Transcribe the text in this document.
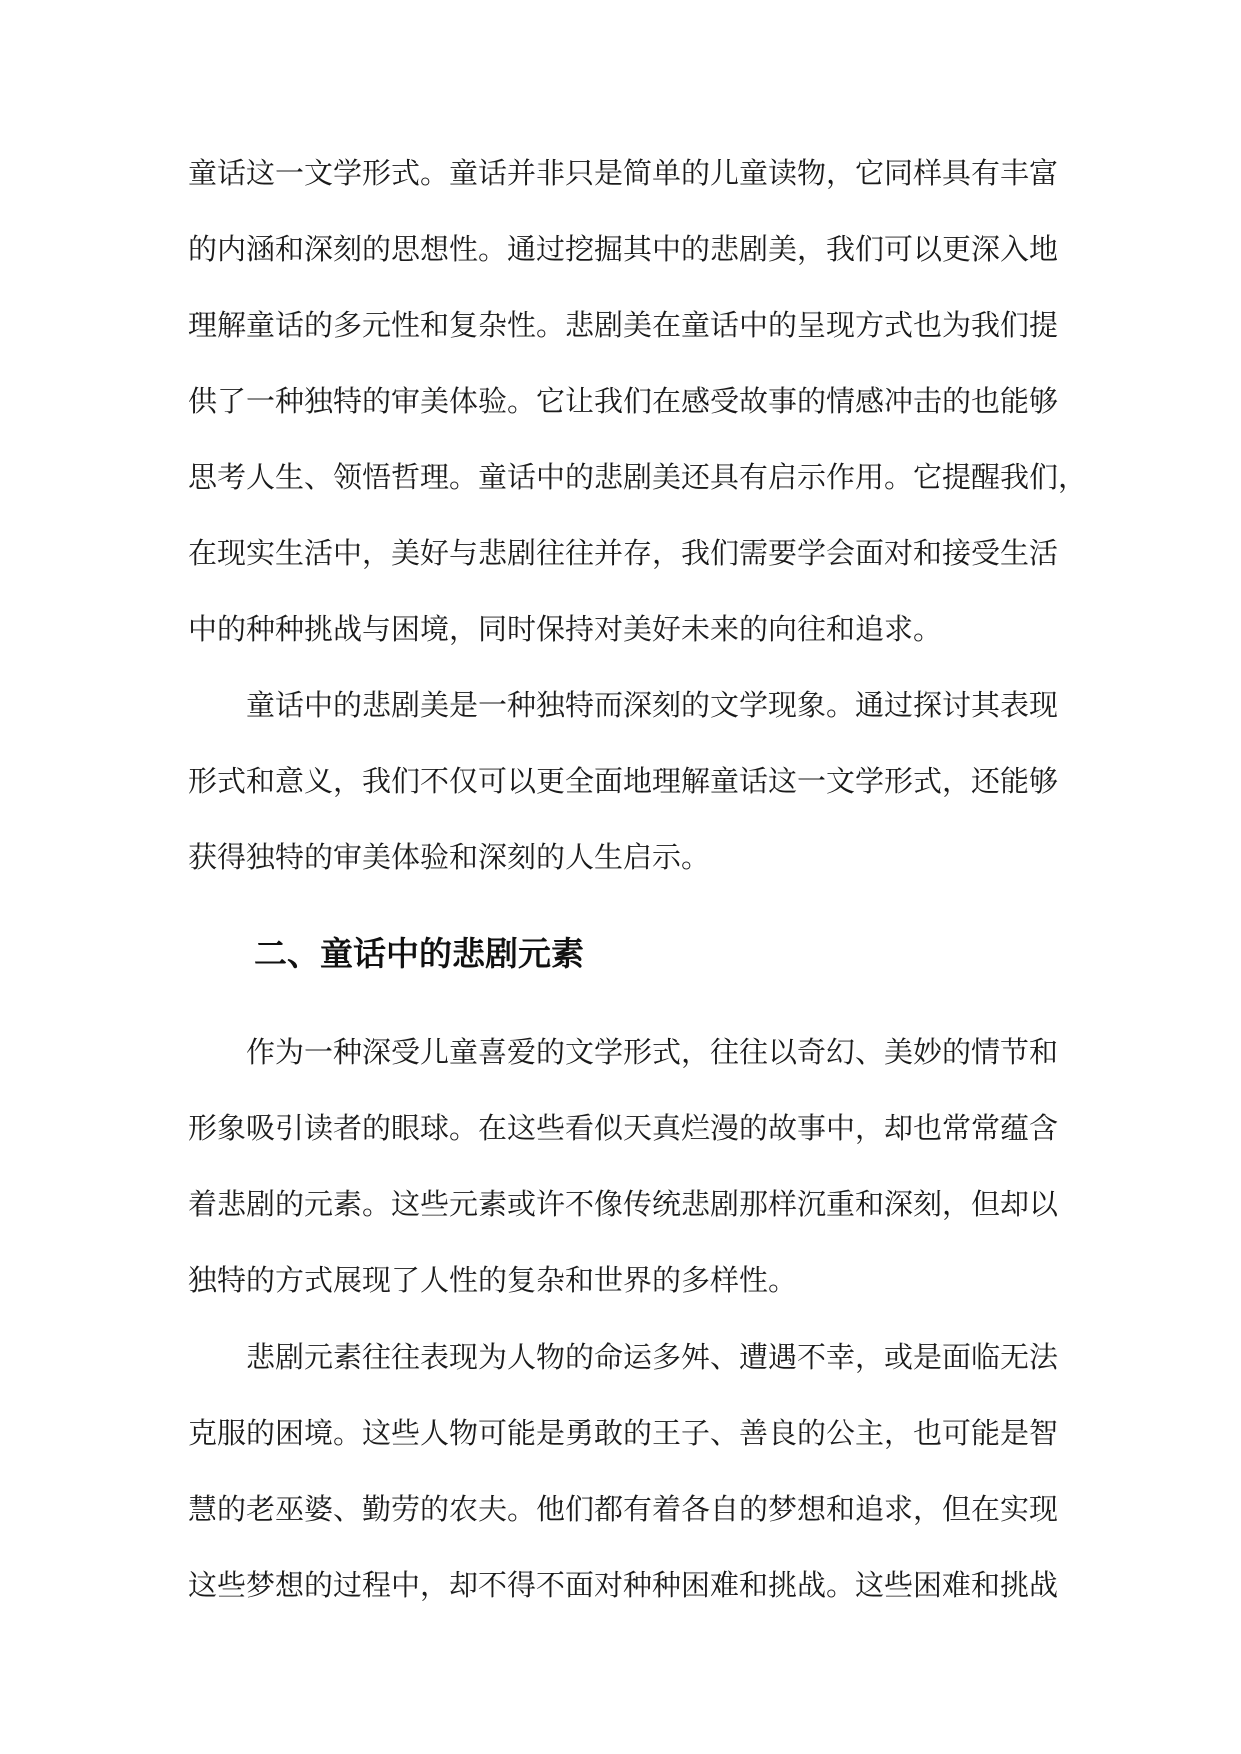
童话这一文学形式。童话并非只是简单的儿童读物，它同样具有丰富
的内涵和深刻的思想性。通过挖掘其中的悲剧美，我们可以更深入地
理解童话的多元性和复杂性。悲剧美在童话中的呈现方式也为我们提
供了一种独特的审美体验。它让我们在感受故事的情感冲击的也能够
思考人生、领悟哲理。童话中的悲剧美还具有启示作用。它提醒我们，
在现实生活中，美好与悲剧往往并存，我们需要学会面对和接受生活
中的种种挑战与困境，同时保持对美好未来的向往和追求。
童话中的悲剧美是一种独特而深刻的文学现象。通过探讨其表现
形式和意义，我们不仅可以更全面地理解童话这一文学形式，还能够
获得独特的审美体验和深刻的人生启示。
二、童话中的悲剧元素
作为一种深受儿童喜爱的文学形式，往往以奇幻、美妙的情节和
形象吸引读者的眼球。在这些看似天真烂漫的故事中，却也常常蕴含
着悲剧的元素。这些元素或许不像传统悲剧那样沉重和深刻，但却以
独特的方式展现了人性的复杂和世界的多样性。
悲剧元素往往表现为人物的命运多舛、遭遇不幸，或是面临无法
克服的困境。这些人物可能是勇敢的王子、善良的公主，也可能是智
慧的老巫婆、勤劳的农夫。他们都有着各自的梦想和追求，但在实现
这些梦想的过程中，却不得不面对种种困难和挑战。这些困难和挑战
